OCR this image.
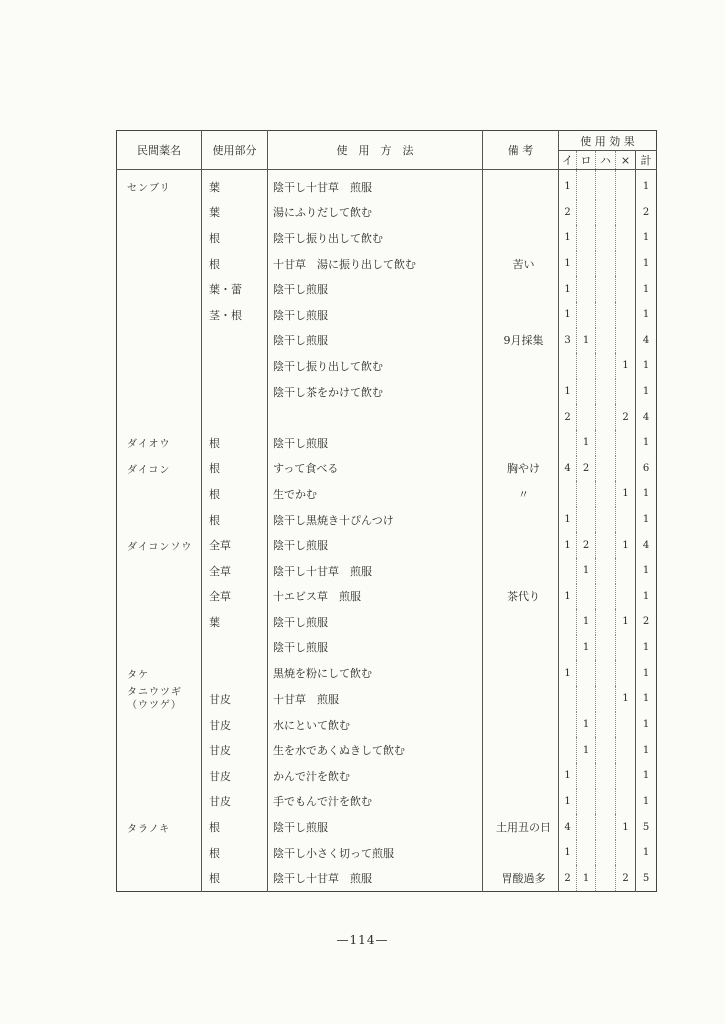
民間薬名	使用部分	使　用　方　法	備 考	使 用 効 果				
				イ	ロ	ハ	×	計
センブリ	葉	陰干し十甘草　煎服		1				1
	葉	湯にふりだして飲む		2				2
	根	陰干し振り出して飲む		1				1
	根	十甘草　湯に振り出して飲む	苦い	1				1
	葉・蕾	陰干し煎服		1				1
	茎・根	陰干し煎服		1				1
		陰干し煎服	9月採集	3	1			4
		陰干し振り出して飲む					1	1
		陰干し茶をかけて飲む		1				1
				2			2	4
ダイオウ	根	陰干し煎服			1			1
ダイコン	根	すって食べる	胸やけ	4	2			6
	根	生でかむ	〃				1	1
	根	陰干し黒焼き十ぴんつけ		1				1
ダイコンソウ	全草	陰干し煎服		1	2		1	4
	全草	陰干し十甘草　煎服			1			1
	全草	十エビス草　煎服	茶代り	1				1
	葉	陰干し煎服			1		1	2
		陰干し煎服			1			1
タケ		黒焼を粉にして飲む		1				1
タニウツギ
（ウツゲ）	甘皮	十甘草　煎服					1	1
	甘皮	水にといて飲む			1			1
	甘皮	生を水であくぬきして飲む			1			1
	甘皮	かんで汁を飲む		1				1
	甘皮	手でもんで汁を飲む		1				1
タラノキ	根	陰干し煎服	土用丑の日	4			1	5
	根	陰干し小さく切って煎服		1				1
	根	陰干し十甘草　煎服	胃酸過多	2	1		2	5
—114—
